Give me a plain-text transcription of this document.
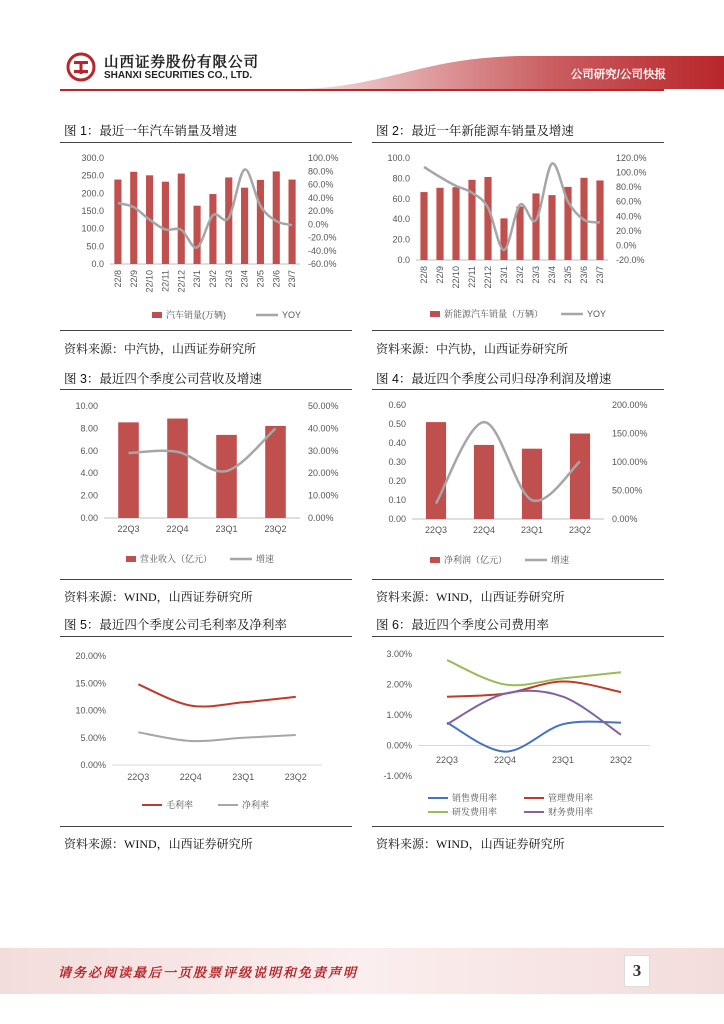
山西证券股份有限公司
SHANXI SECURITIES CO., LTD.	公司研究/公司快报
图 1：最近一年汽车销量及增速	图 2：最近一年新能源车销量及增速
0.0
50.0
100.0
150.0
200.0
250.0
300.0
-60.0%
-40.0%
-20.0%
0.0%
20.0%
40.0%
60.0%
80.0%
100.0%
22/8 22/9 22/10 22/11 22/12 23/1 23/2 23/3 23/4 23/5 23/6 23/7
汽车销量(万辆)	YOY
0.0
20.0
40.0
60.0
80.0
100.0
-20.0%
0.0%
20.0%
40.0%
60.0%
80.0%
100.0%
120.0%
22/8 22/9 22/10 22/11 22/12 23/1 23/2 23/3 23/4 23/5 23/6 23/7
新能源汽车销量（万辆）	YOY
资料来源：中汽协，山西证券研究所	资料来源：中汽协，山西证券研究所
图 3：最近四个季度公司营收及增速	图 4：最近四个季度公司归母净利润及增速
0.00
2.00
4.00
6.00
8.00
10.00
0.00%
10.00%
20.00%
30.00%
40.00%
50.00%
22Q3	22Q4	23Q1	23Q2
营业收入（亿元）	增速
0.00
0.10
0.20
0.30
0.40
0.50
0.60
0.00%
50.00%
100.00%
150.00%
200.00%
22Q3	22Q4	23Q1	23Q2
净利润（亿元）	增速
资料来源：WIND，山西证券研究所	资料来源：WIND，山西证券研究所
图 5：最近四个季度公司毛利率及净利率	图 6：最近四个季度公司费用率
0.00%
5.00%
10.00%
15.00%
20.00%
22Q3	22Q4	23Q1	23Q2
毛利率	净利率
-1.00%
0.00%
1.00%
2.00%
3.00%
22Q3	22Q4	23Q1	23Q2
销售费用率	管理费用率
研发费用率	财务费用率
资料来源：WIND，山西证券研究所	资料来源：WIND，山西证券研究所
请务必阅读最后一页股票评级说明和免责声明	3
